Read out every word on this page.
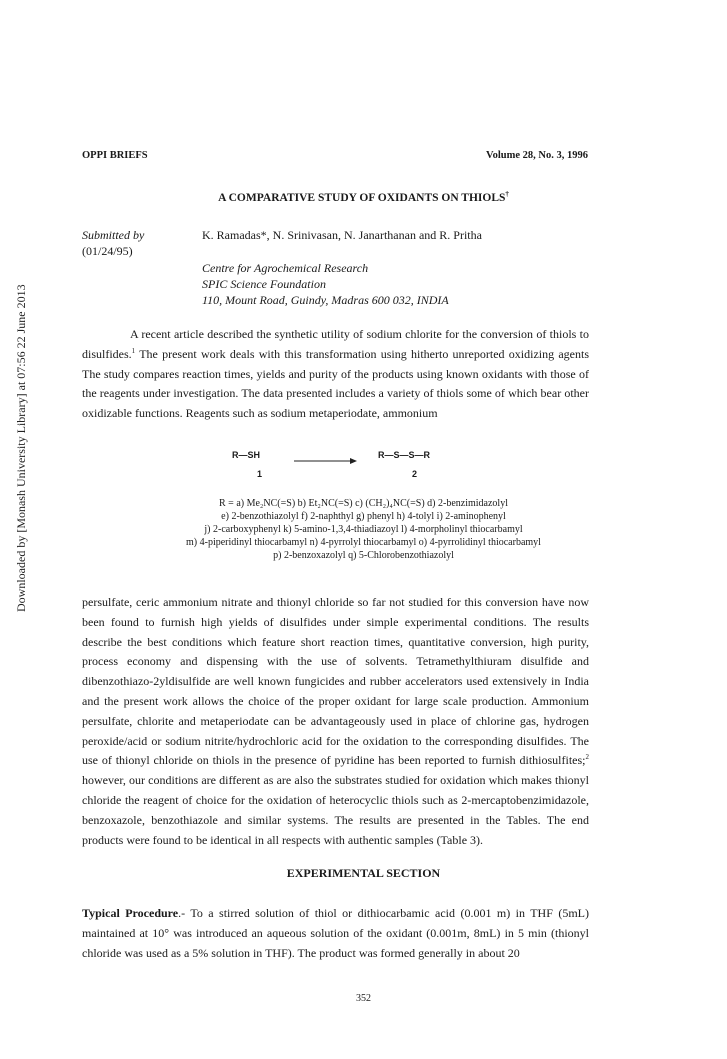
Downloaded by [Monash University Library] at 07:56 22 June 2013
OPPI BRIEFS	Volume 28, No. 3, 1996
A COMPARATIVE STUDY OF OXIDANTS ON THIOLS†
Submitted by
(01/24/95)
K. Ramadas*, N. Srinivasan, N. Janarthanan and R. Pritha
Centre for Agrochemical Research
SPIC Science Foundation
110, Mount Road, Guindy, Madras 600 032, INDIA

A recent article described the synthetic utility of sodium chlorite for the conversion of thiols to disulfides.$^1$ The present work deals with this transformation using hitherto unreported oxidizing agents The study compares reaction times, yields and purity of the products using known oxidants with those of the reagents under investigation. The data presented includes a variety of thiols some of which bear other oxidizable functions. Reagents such as sodium metaperiodate, ammonium

R—SH	R—S—S—R
1	2
R = a) Me₂NC(=S) b) Et₂NC(=S) c) (CH₂)₄NC(=S) d) 2-benzimidazolyl
e) 2-benzothiazolyl f) 2-naphthyl g) phenyl h) 4-tolyl i) 2-aminophenyl
j) 2-carboxyphenyl k) 5-amino-1,3,4-thiadiazoyl l) 4-morpholinyl thiocarbamyl
m) 4-piperidinyl thiocarbamyl n) 4-pyrrolyl thiocarbamyl o) 4-pyrrolidinyl thiocarbamyl
p) 2-benzoxazolyl q) 5-Chlorobenzothiazolyl

persulfate, ceric ammonium nitrate and thionyl chloride so far not studied for this conversion have now been found to furnish high yields of disulfides under simple experimental conditions. The results describe the best conditions which feature short reaction times, quantitative conversion, high purity, process economy and dispensing with the use of solvents. Tetramethylthiuram disulfide and dibenzothiazo-2yldisulfide are well known fungicides and rubber accelerators used extensively in India and the present work allows the choice of the proper oxidant for large scale production. Ammonium persulfate, chlorite and metaperiodate can be advantageously used in place of chlorine gas, hydrogen peroxide/acid or sodium nitrite/hydrochloric acid for the oxidation to the corresponding disulfides. The use of thionyl chloride on thiols in the presence of pyridine has been reported to furnish dithiosulfites;$^2$ however, our conditions are different as are also the substrates studied for oxidation which makes thionyl chloride the reagent of choice for the oxidation of heterocyclic thiols such as 2-mercaptobenzimidazole, benzoxazole, benzothiazole and similar systems. The results are presented in the Tables. The end products were found to be identical in all respects with authentic samples (Table 3).

EXPERIMENTAL SECTION

Typical Procedure.- To a stirred solution of thiol or dithiocarbamic acid (0.001 m) in THF (5mL) maintained at 10° was introduced an aqueous solution of the oxidant (0.001m, 8mL) in 5 min (thionyl chloride was used as a 5% solution in THF). The product was formed generally in about 20

352
